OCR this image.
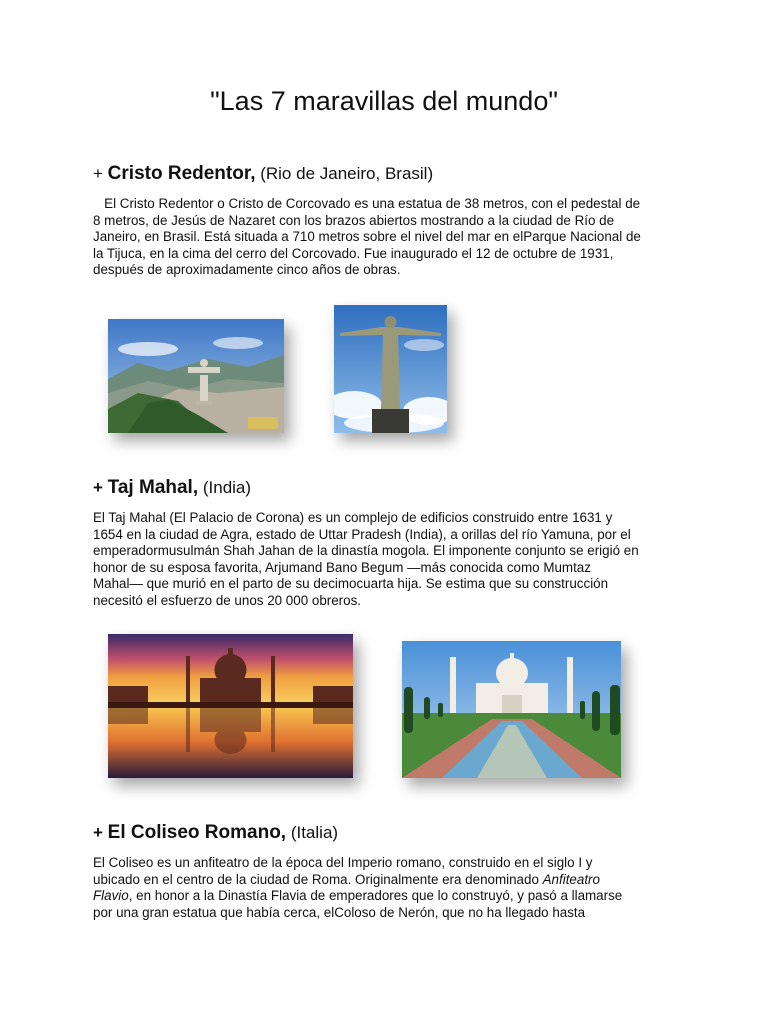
"Las 7 maravillas del mundo"
+ Cristo Redentor, (Rio de Janeiro, Brasil)

El Cristo Redentor o Cristo de Corcovado es una estatua de 38 metros, con el pedestal de
8 metros, de Jesús de Nazaret con los brazos abiertos mostrando a la ciudad de Río de
Janeiro, en Brasil. Está situada a 710 metros sobre el nivel del mar en elParque Nacional de
la Tijuca, en la cima del cerro del Corcovado. Fue inaugurado el 12 de octubre de 1931,
después de aproximadamente cinco años de obras.

+ Taj Mahal, (India)

El Taj Mahal (El Palacio de Corona) es un complejo de edificios construido entre 1631 y
1654 en la ciudad de Agra, estado de Uttar Pradesh (India), a orillas del río Yamuna, por el
emperadormusulmán Shah Jahan de la dinastía mogola. El imponente conjunto se erigió en
honor de su esposa favorita, Arjumand Bano Begum —más conocida como Mumtaz
Mahal— que murió en el parto de su decimocuarta hija. Se estima que su construcción
necesitó el esfuerzo de unos 20 000 obreros.

+ El Coliseo Romano, (Italia)

El Coliseo es un anfiteatro de la época del Imperio romano, construido en el siglo I y
ubicado en el centro de la ciudad de Roma. Originalmente era denominado Anfiteatro
Flavio, en honor a la Dinastía Flavia de emperadores que lo construyó, y pasó a llamarse
por una gran estatua que había cerca, elColoso de Nerón, que no ha llegado hasta
